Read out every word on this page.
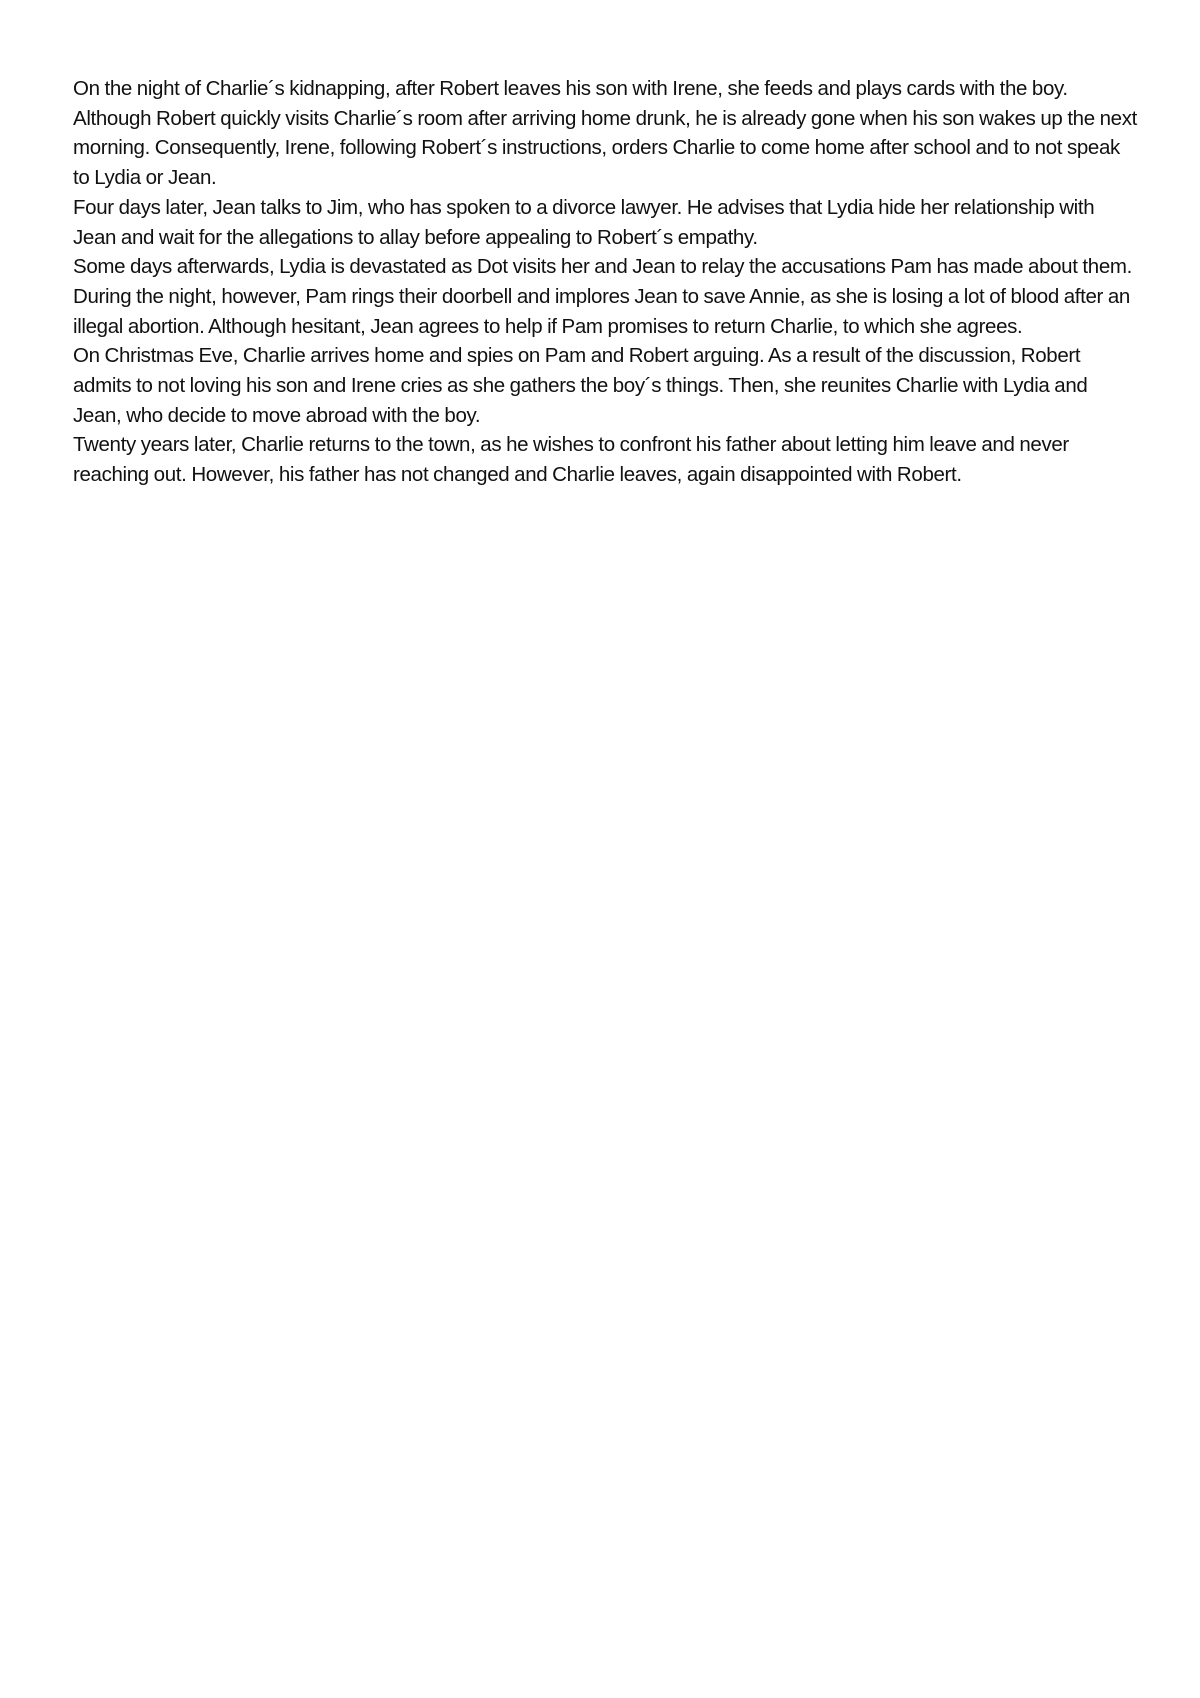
On the night of Charlie´s kidnapping, after Robert leaves his son with Irene, she feeds and plays cards with the boy. Although Robert quickly visits Charlie´s room after arriving home drunk, he is already gone when his son wakes up the next morning. Consequently, Irene, following Robert´s instructions, orders Charlie to come home after school and to not speak to Lydia or Jean.

Four days later, Jean talks to Jim, who has spoken to a divorce lawyer. He advises that Lydia hide her relationship with Jean and wait for the allegations to allay before appealing to Robert´s empathy.

Some days afterwards, Lydia is devastated as Dot visits her and Jean to relay the accusations Pam has made about them. During the night, however, Pam rings their doorbell and implores Jean to save Annie, as she is losing a lot of blood after an illegal abortion. Although hesitant, Jean agrees to help if Pam promises to return Charlie, to which she agrees.

On Christmas Eve, Charlie arrives home and spies on Pam and Robert arguing. As a result of the discussion, Robert admits to not loving his son and Irene cries as she gathers the boy´s things. Then, she reunites Charlie with Lydia and Jean, who decide to move abroad with the boy.

Twenty years later, Charlie returns to the town, as he wishes to confront his father about letting him leave and never reaching out. However, his father has not changed and Charlie leaves, again disappointed with Robert.
